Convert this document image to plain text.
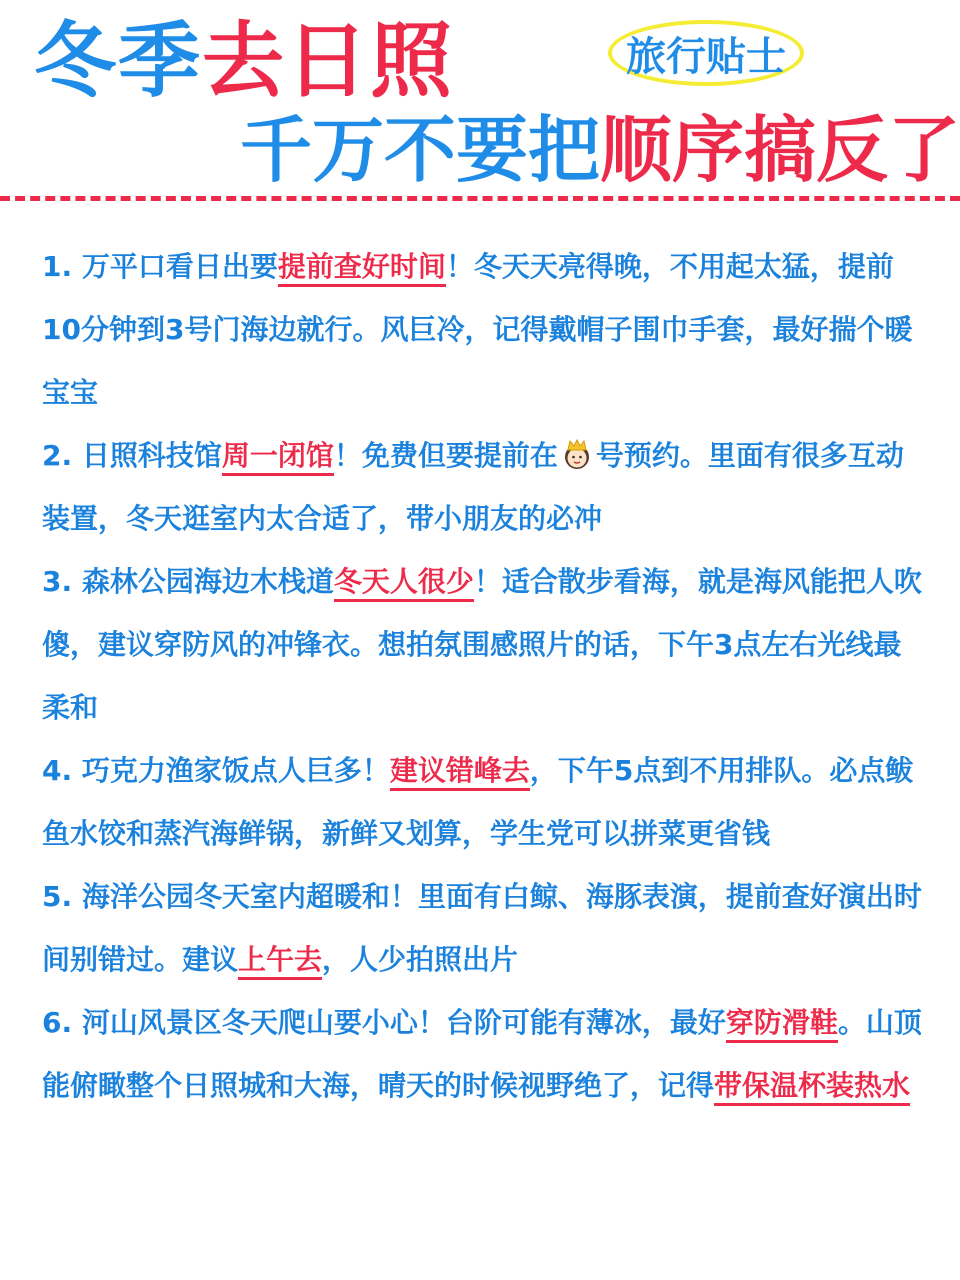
冬季去日照	旅行贴士
千万不要把顺序搞反了

1. 万平口看日出要提前查好时间！冬天天亮得晚，不用起太猛，提前10分钟到3号门海边就行。风巨冷，记得戴帽子围巾手套，最好揣个暖宝宝

2. 日照科技馆周一闭馆！免费但要提前在 号预约。里面有很多互动装置，冬天逛室内太合适了，带小朋友的必冲

3. 森林公园海边木栈道冬天人很少！适合散步看海，就是海风能把人吹傻，建议穿防风的冲锋衣。想拍氛围感照片的话，下午3点左右光线最柔和

4. 巧克力渔家饭点人巨多！建议错峰去，下午5点到不用排队。必点鲅鱼水饺和蒸汽海鲜锅，新鲜又划算，学生党可以拼菜更省钱

5. 海洋公园冬天室内超暖和！里面有白鲸、海豚表演，提前查好演出时间别错过。建议上午去，人少拍照出片

6. 河山风景区冬天爬山要小心！台阶可能有薄冰，最好穿防滑鞋。山顶能俯瞰整个日照城和大海，晴天的时候视野绝了，记得带保温杯装热水
